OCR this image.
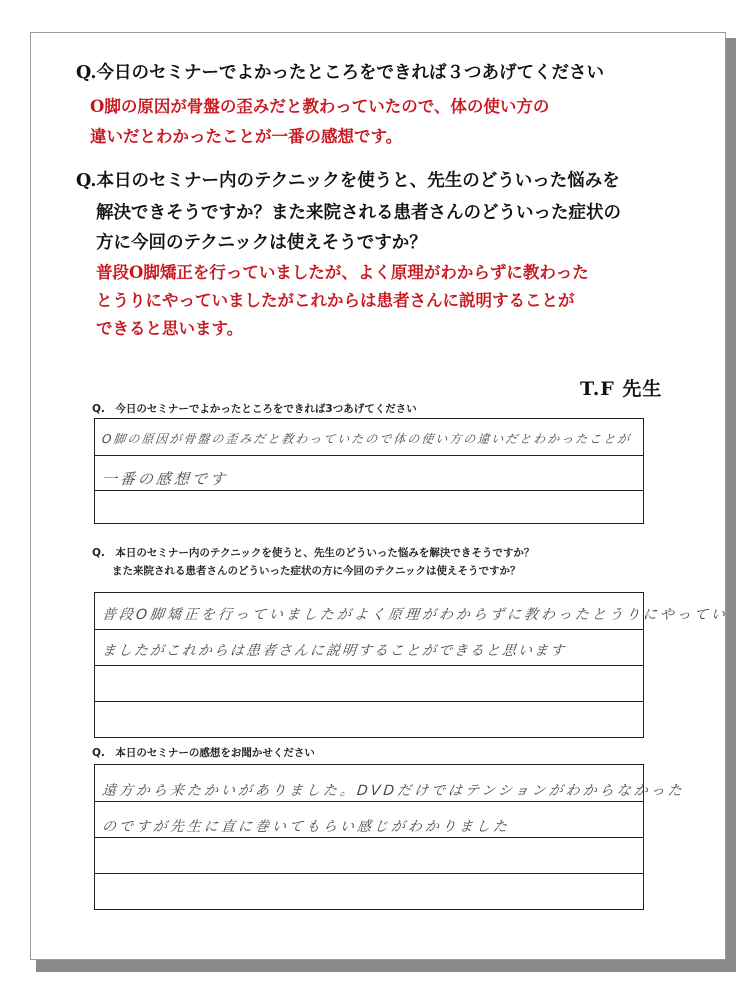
Q.今日のセミナーでよかったところをできれば３つあげてください
O脚の原因が骨盤の歪みだと教わっていたので、体の使い方の
違いだとわかったことが一番の感想です。
Q.本日のセミナー内のテクニックを使うと、先生のどういった悩みを
解決できそうですか？また来院される患者さんのどういった症状の
方に今回のテクニックは使えそうですか？
普段O脚矯正を行っていましたが、よく原理がわからずに教わった
とうりにやっていましたがこれからは患者さんに説明することが
できると思います。
T.F 先生
Q.　今日のセミナーでよかったところをできれば3つあげてください
O脚の原因が骨盤の歪みだと教わっていたので体の使い方の違いだとわかったことが
一番の感想です
Q.　本日のセミナー内のテクニックを使うと、先生のどういった悩みを解決できそうですか？
また来院される患者さんのどういった症状の方に今回のテクニックは使えそうですか？
普段O脚矯正を行っていましたがよく原理がわからずに教わったとうりにやってい
ましたがこれからは患者さんに説明することができると思います
Q.　本日のセミナーの感想をお聞かせください
遠方から来たかいがありました。DVDだけではテンションがわからなかった
のですが先生に直に巻いてもらい感じがわかりました
